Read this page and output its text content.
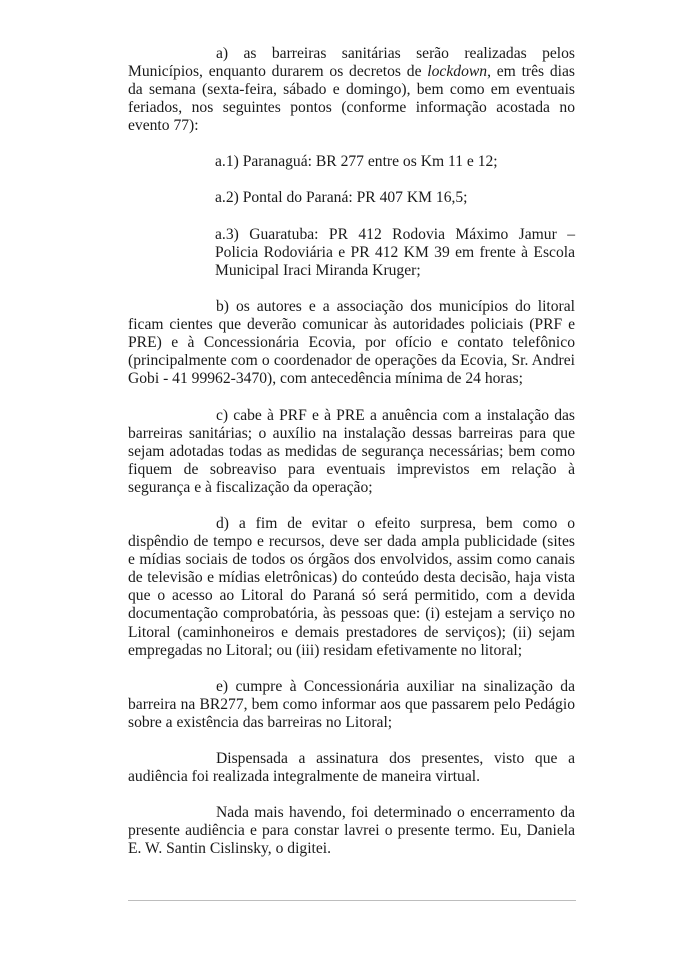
a) as barreiras sanitárias serão realizadas pelos Municípios, enquanto durarem os decretos de lockdown, em três dias da semana (sexta-feira, sábado e domingo), bem como em eventuais feriados, nos seguintes pontos (conforme informação acostada no evento 77):

a.1) Paranaguá: BR 277 entre os Km 11 e 12;

a.2) Pontal do Paraná: PR 407 KM 16,5;

a.3) Guaratuba: PR 412 Rodovia Máximo Jamur – Policia Rodoviária e PR 412 KM 39 em frente à Escola Municipal Iraci Miranda Kruger;

b) os autores e a associação dos municípios do litoral ficam cientes que deverão comunicar às autoridades policiais (PRF e PRE) e à Concessionária Ecovia, por ofício e contato telefônico (principalmente com o coordenador de operações da Ecovia, Sr. Andrei Gobi - 41 99962-3470), com antecedência mínima de 24 horas;

c) cabe à PRF e à PRE a anuência com a instalação das barreiras sanitárias; o auxílio na instalação dessas barreiras para que sejam adotadas todas as medidas de segurança necessárias; bem como fiquem de sobreaviso para eventuais imprevistos em relação à segurança e à fiscalização da operação;

d) a fim de evitar o efeito surpresa, bem como o dispêndio de tempo e recursos, deve ser dada ampla publicidade (sites e mídias sociais de todos os órgãos dos envolvidos, assim como canais de televisão e mídias eletrônicas) do conteúdo desta decisão, haja vista que o acesso ao Litoral do Paraná só será permitido, com a devida documentação comprobatória, às pessoas que: (i) estejam a serviço no Litoral (caminhoneiros e demais prestadores de serviços); (ii) sejam empregadas no Litoral; ou (iii) residam efetivamente no litoral;

e) cumpre à Concessionária auxiliar na sinalização da barreira na BR277, bem como informar aos que passarem pelo Pedágio sobre a existência das barreiras no Litoral;

Dispensada a assinatura dos presentes, visto que a audiência foi realizada integralmente de maneira virtual.

Nada mais havendo, foi determinado o encerramento da presente audiência e para constar lavrei o presente termo. Eu, Daniela E. W. Santin Cislinsky, o digitei.
